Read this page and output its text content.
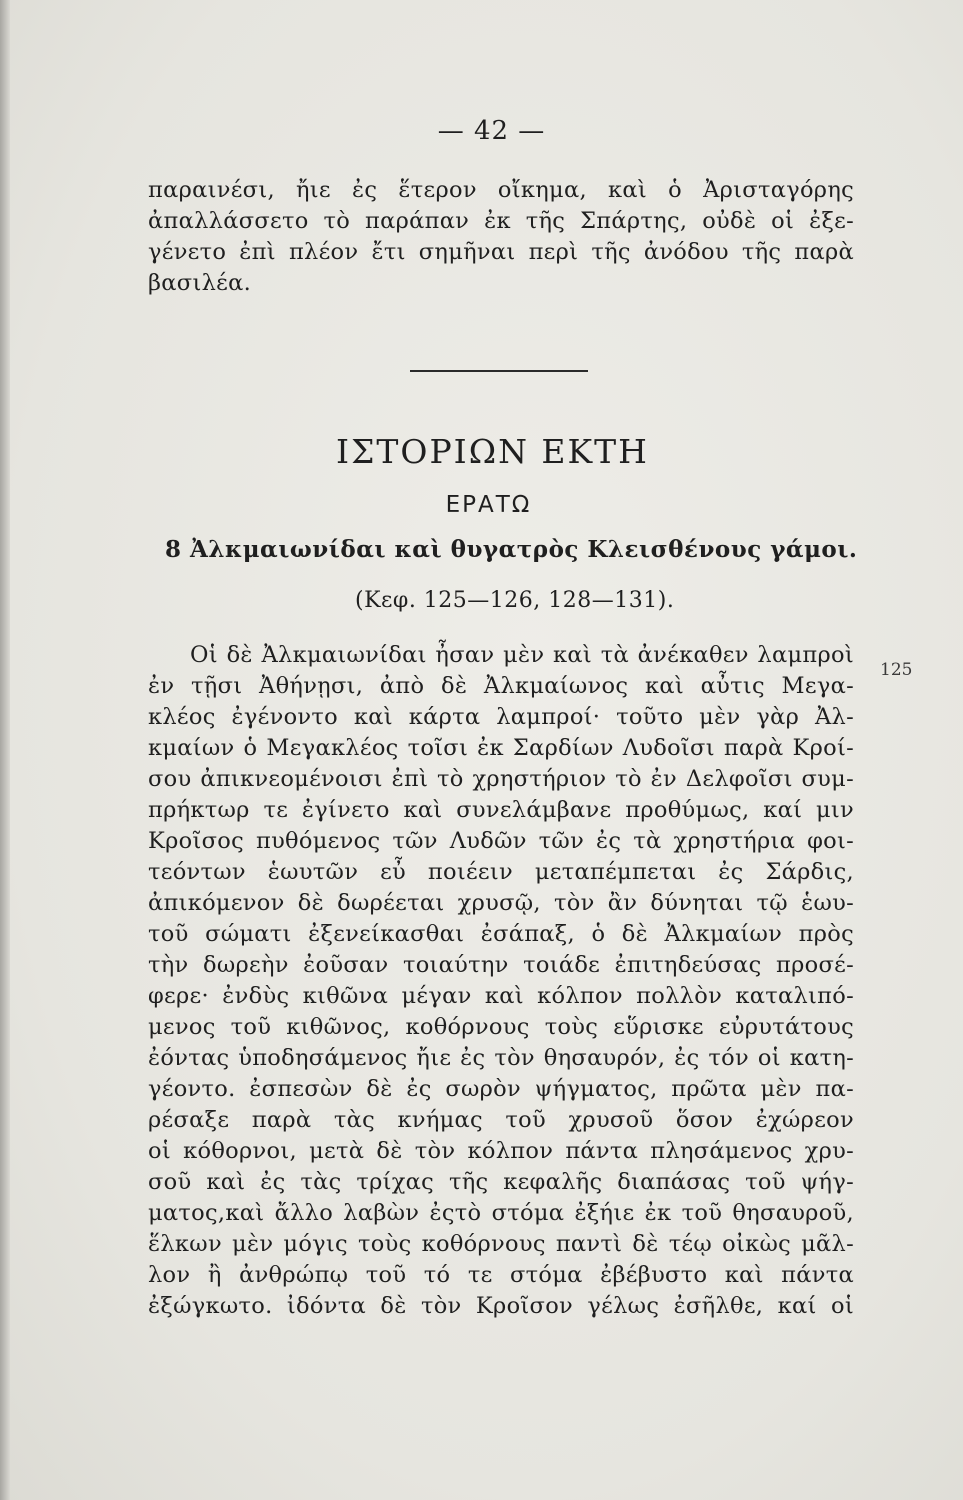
— 42 —
παραινέσι, ἤιε ἐς ἕτερον οἴκημα, καὶ ὁ Ἀρισταγόρης
ἀπαλλάσσετο τὸ παράπαν ἐκ τῆς Σπάρτης, οὐδὲ οἱ ἐξε-
γένετο ἐπὶ πλέον ἔτι σημῆναι περὶ τῆς ἀνόδου τῆς παρὰ
βασιλέα.
ΙΣΤΟΡΙΩΝ ΕΚΤΗ
ΕΡΑΤΩ
8 Ἀλκμαιωνίδαι καὶ θυγατρὸς Κλεισθένους γάμοι.
(Κεφ. 125—126, 128—131).
125
Οἱ δὲ Ἀλκμαιωνίδαι ἦσαν μὲν καὶ τὰ ἀνέκαθεν λαμπροὶ
ἐν τῇσι Ἀθήνῃσι, ἀπὸ δὲ Ἀλκμαίωνος καὶ αὖτις Μεγα-
κλέος ἐγένοντο καὶ κάρτα λαμπροί· τοῦτο μὲν γὰρ Ἀλ-
κμαίων ὁ Μεγακλέος τοῖσι ἐκ Σαρδίων Λυδοῖσι παρὰ Κροί-
σου ἀπικνεομένοισι ἐπὶ τὸ χρηστήριον τὸ ἐν Δελφοῖσι συμ-
πρήκτωρ τε ἐγίνετο καὶ συνελάμβανε προθύμως, καί μιν
Κροῖσος πυθόμενος τῶν Λυδῶν τῶν ἐς τὰ χρηστήρια φοι-
τεόντων ἑωυτῶν εὖ ποιέειν μεταπέμπεται ἐς Σάρδις,
ἀπικόμενον δὲ δωρέεται χρυσῷ, τὸν ἂν δύνηται τῷ ἑωυ-
τοῦ σώματι ἐξενείκασθαι ἐσάπαξ, ὁ δὲ Ἀλκμαίων πρὸς
τὴν δωρεὴν ἐοῦσαν τοιαύτην τοιάδε ἐπιτηδεύσας προσέ-
φερε· ἐνδὺς κιθῶνα μέγαν καὶ κόλπον πολλὸν καταλιπό-
μενος τοῦ κιθῶνος, κοθόρνους τοὺς εὕρισκε εὐρυτάτους
ἐόντας ὑποδησάμενος ἤιε ἐς τὸν θησαυρόν, ἐς τόν οἱ κατη-
γέοντο. ἐσπεσὼν δὲ ἐς σωρὸν ψήγματος, πρῶτα μὲν πα-
ρέσαξε παρὰ τὰς κνήμας τοῦ χρυσοῦ ὅσον ἐχώρεον
οἱ κόθορνοι, μετὰ δὲ τὸν κόλπον πάντα πλησάμενος χρυ-
σοῦ καὶ ἐς τὰς τρίχας τῆς κεφαλῆς διαπάσας τοῦ ψήγ-
ματος,καὶ ἄλλο λαβὼν ἐςτὸ στόμα ἐξήιε ἐκ τοῦ θησαυροῦ,
ἕλκων μὲν μόγις τοὺς κοθόρνους παντὶ δὲ τέῳ οἰκὼς μᾶλ-
λον ἢ ἀνθρώπῳ τοῦ τό τε στόμα ἐβέβυστο καὶ πάντα
ἐξώγκωτο. ἰδόντα δὲ τὸν Κροῖσον γέλως ἐσῆλθε, καί οἱ
